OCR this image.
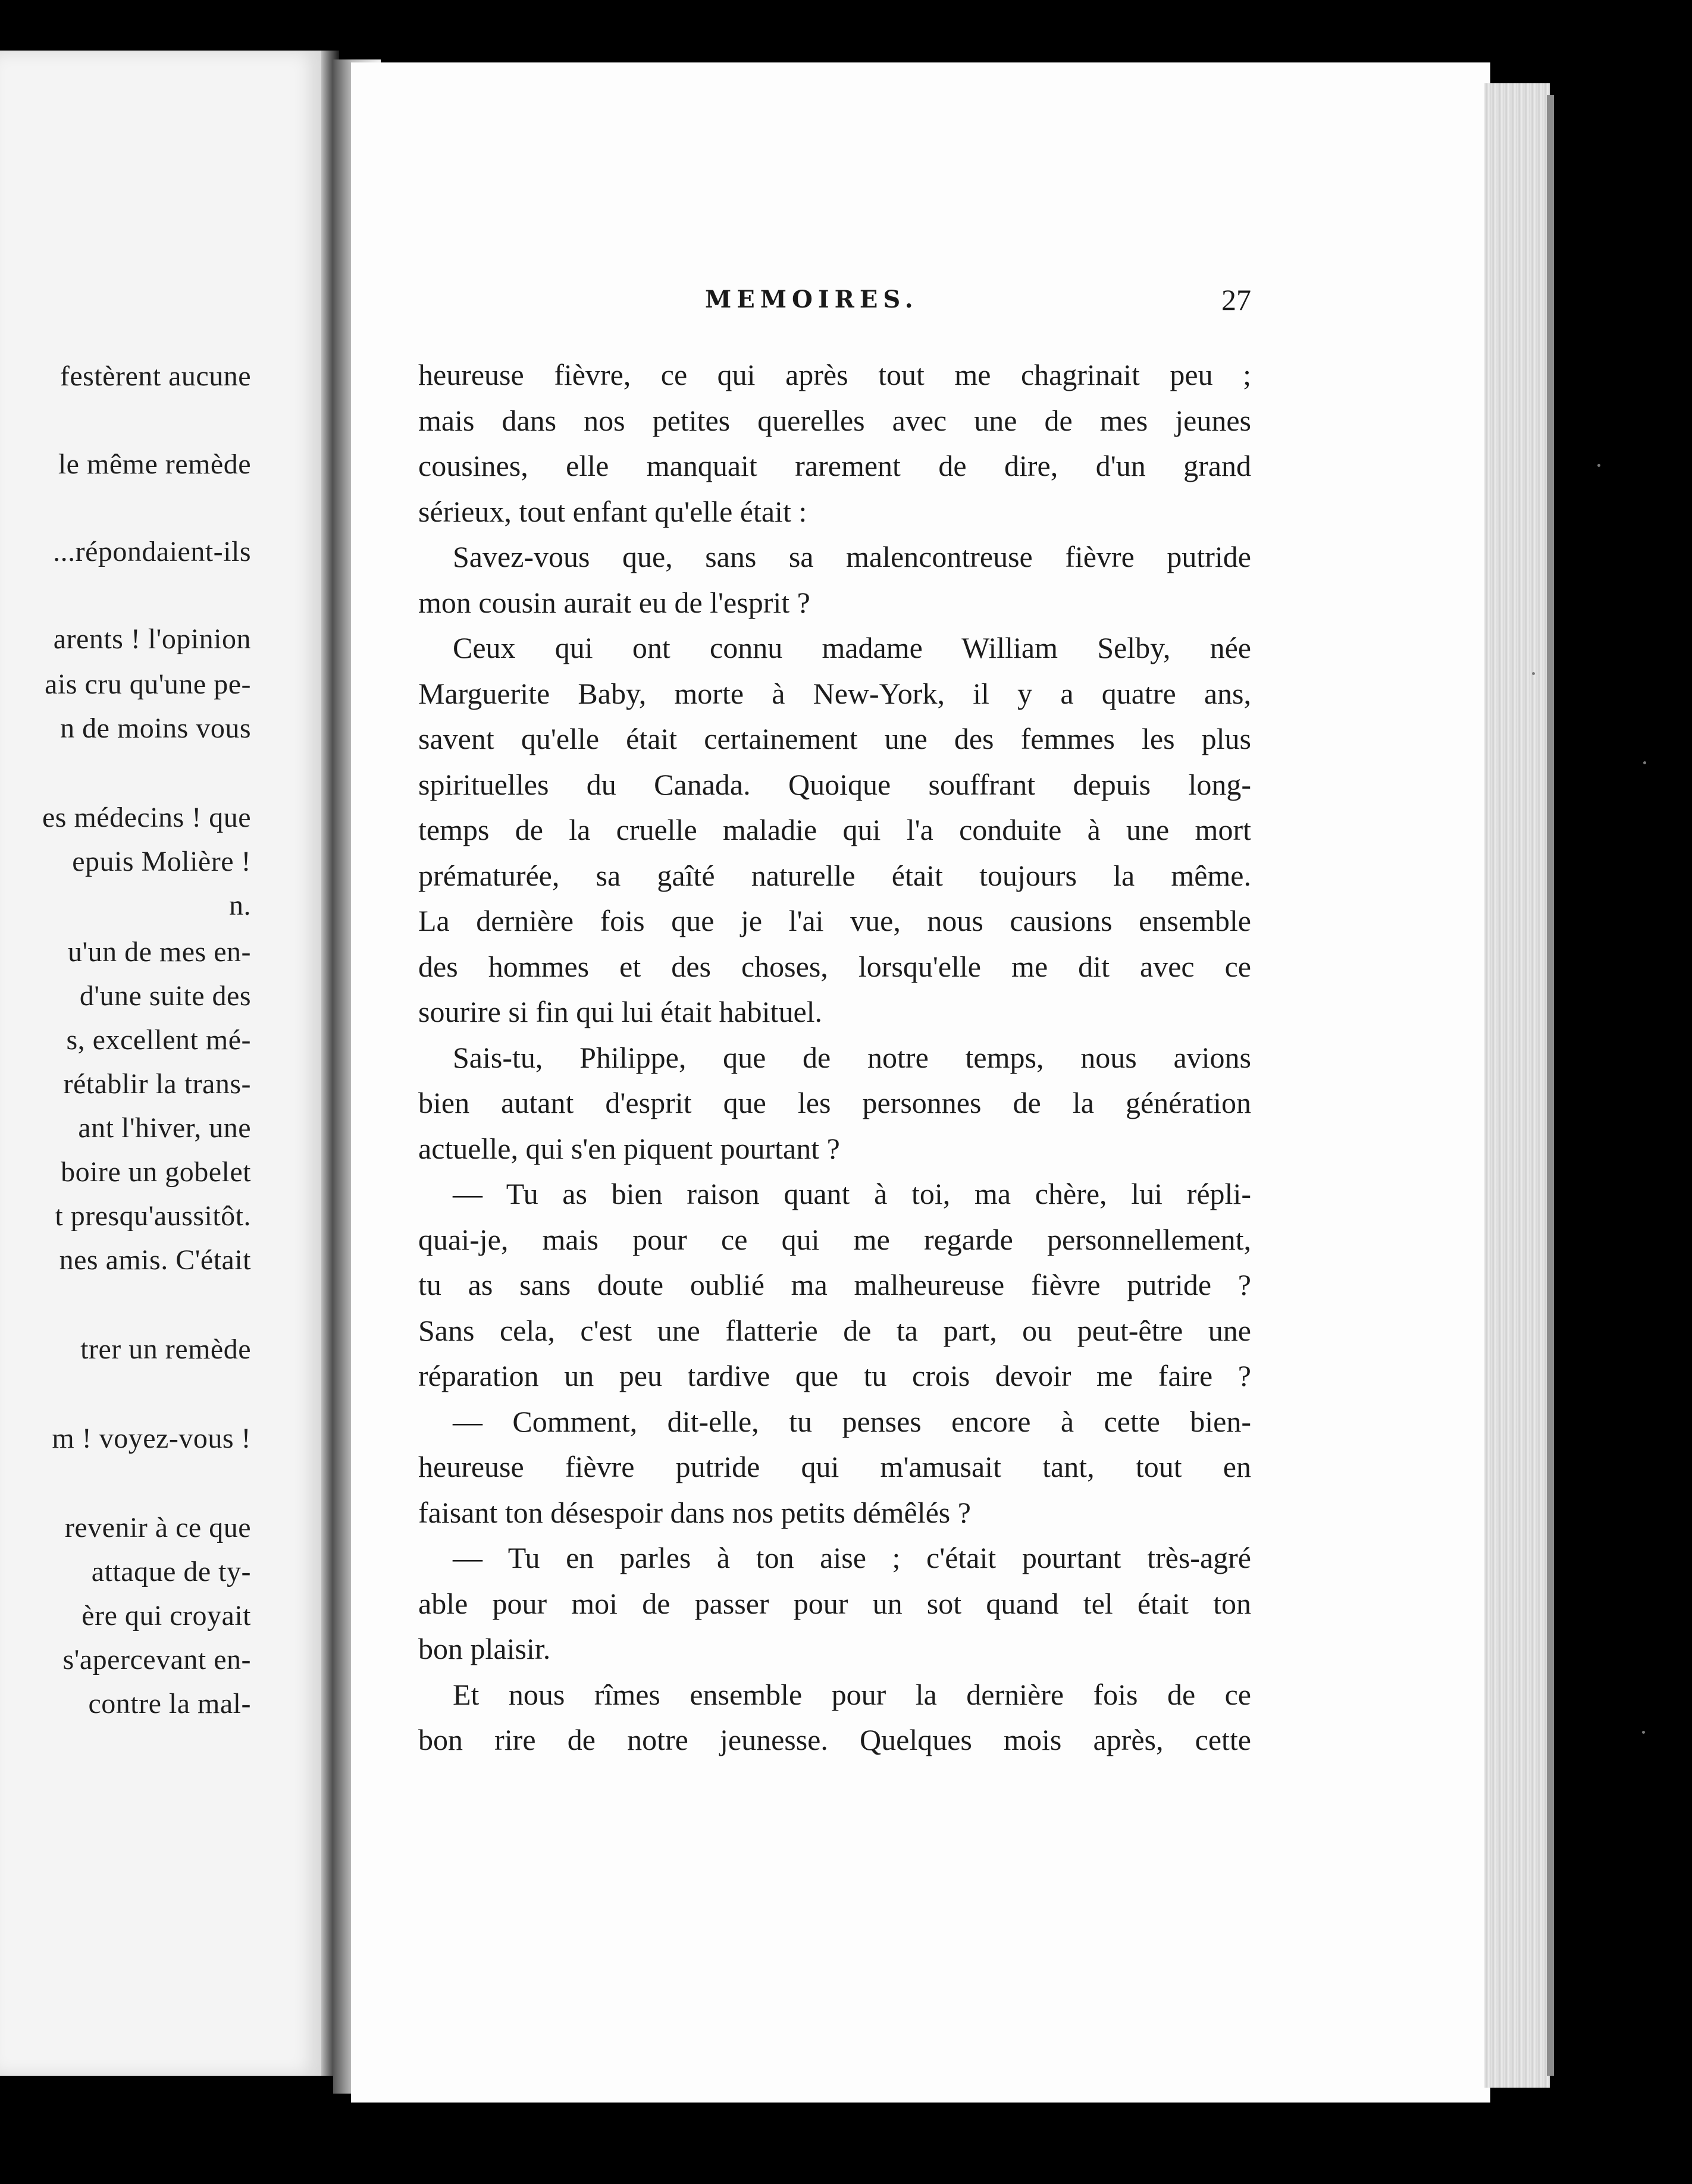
festèrent aucune
le même remède
...répondaient-ils
arents ! l'opinion
ais cru qu'une pe-
n de moins vous
es médecins ! que
epuis Molière !
n.
u'un de mes en-
d'une suite des
s, excellent mé-
rétablir la trans-
ant l'hiver, une
boire un gobelet
t presqu'aussitôt.
nes amis. C'était
trer un remède
m ! voyez-vous !
revenir à ce que
attaque de ty-
ère qui croyait
s'apercevant en-
contre la mal-
MEMOIRES.	27
heureuse fièvre, ce qui après tout me chagrinait peu ;
mais dans nos petites querelles avec une de mes jeunes
cousines, elle manquait rarement de dire, d'un grand
sérieux, tout enfant qu'elle était :
Savez-vous que, sans sa malencontreuse fièvre putride
mon cousin aurait eu de l'esprit ?
Ceux qui ont connu madame William Selby, née
Marguerite Baby, morte à New-York, il y a quatre ans,
savent qu'elle était certainement une des femmes les plus
spirituelles du Canada. Quoique souffrant depuis long-
temps de la cruelle maladie qui l'a conduite à une mort
prématurée, sa gaîté naturelle était toujours la même.
La dernière fois que je l'ai vue, nous causions ensemble
des hommes et des choses, lorsqu'elle me dit avec ce
sourire si fin qui lui était habituel.
Sais-tu, Philippe, que de notre temps, nous avions
bien autant d'esprit que les personnes de la génération
actuelle, qui s'en piquent pourtant ?
— Tu as bien raison quant à toi, ma chère, lui répli-
quai-je, mais pour ce qui me regarde personnellement,
tu as sans doute oublié ma malheureuse fièvre putride ?
Sans cela, c'est une flatterie de ta part, ou peut-être une
réparation un peu tardive que tu crois devoir me faire ?
— Comment, dit-elle, tu penses encore à cette bien-
heureuse fièvre putride qui m'amusait tant, tout en
faisant ton désespoir dans nos petits démêlés ?
— Tu en parles à ton aise ; c'était pourtant très-agré
able pour moi de passer pour un sot quand tel était ton
bon plaisir.
Et nous rîmes ensemble pour la dernière fois de ce
bon rire de notre jeunesse. Quelques mois après, cette
